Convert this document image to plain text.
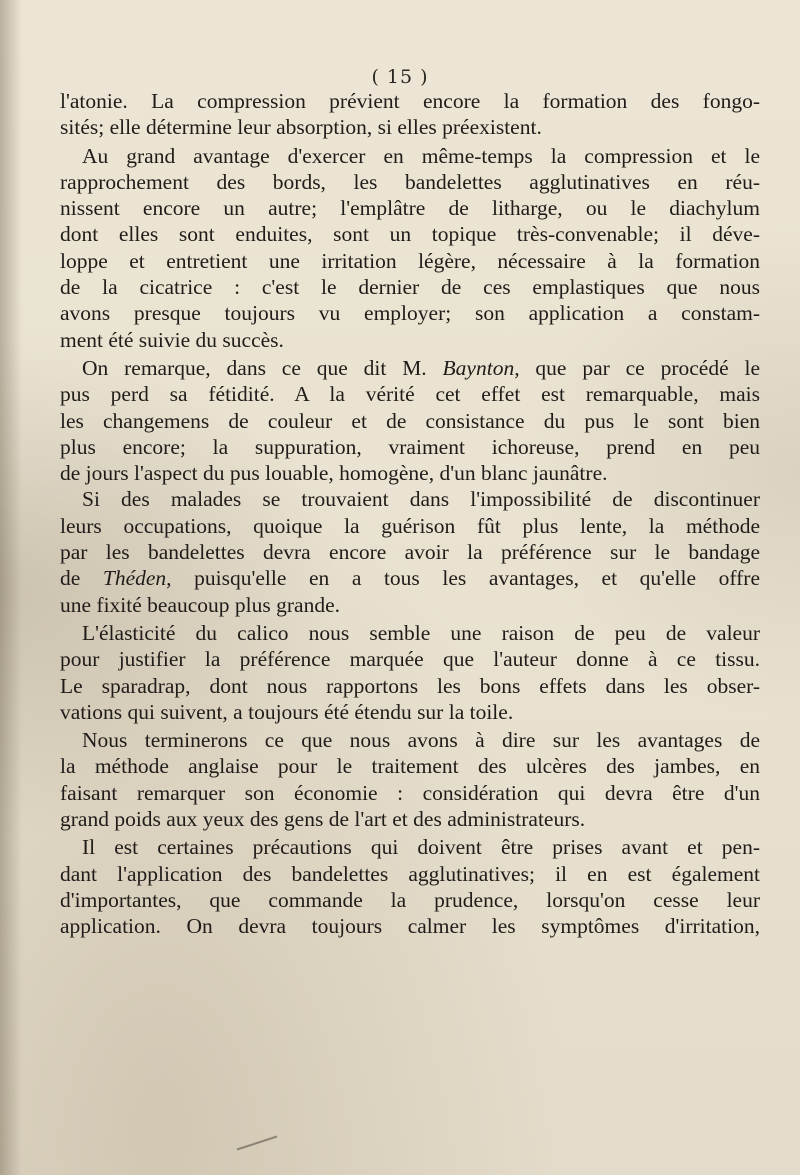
( 15 )

l'atonie. La compression prévient encore la formation des fongo-
sités; elle détermine leur absorption, si elles préexistent.

Au grand avantage d'exercer en même-temps la compression et le
rapprochement des bords, les bandelettes agglutinatives en réu-
nissent encore un autre; l'emplâtre de litharge, ou le diachylum
dont elles sont enduites, sont un topique très-convenable; il déve-
loppe et entretient une irritation légère, nécessaire à la formation
de la cicatrice : c'est le dernier de ces emplastiques que nous
avons presque toujours vu employer; son application a constam-
ment été suivie du succès.

On remarque, dans ce que dit M. Baynton, que par ce procédé le
pus perd sa fétidité. A la vérité cet effet est remarquable, mais
les changemens de couleur et de consistance du pus le sont bien
plus encore; la suppuration, vraiment ichoreuse, prend en peu
de jours l'aspect du pus louable, homogène, d'un blanc jaunâtre.

Si des malades se trouvaient dans l'impossibilité de discontinuer
leurs occupations, quoique la guérison fût plus lente, la méthode
par les bandelettes devra encore avoir la préférence sur le bandage
de Théden, puisqu'elle en a tous les avantages, et qu'elle offre
une fixité beaucoup plus grande.

L'élasticité du calico nous semble une raison de peu de valeur
pour justifier la préférence marquée que l'auteur donne à ce tissu.
Le sparadrap, dont nous rapportons les bons effets dans les obser-
vations qui suivent, a toujours été étendu sur la toile.

Nous terminerons ce que nous avons à dire sur les avantages de
la méthode anglaise pour le traitement des ulcères des jambes, en
faisant remarquer son économie : considération qui devra être d'un
grand poids aux yeux des gens de l'art et des administrateurs.

Il est certaines précautions qui doivent être prises avant et pen-
dant l'application des bandelettes agglutinatives; il en est également
d'importantes, que commande la prudence, lorsqu'on cesse leur
application. On devra toujours calmer les symptômes d'irritation,
